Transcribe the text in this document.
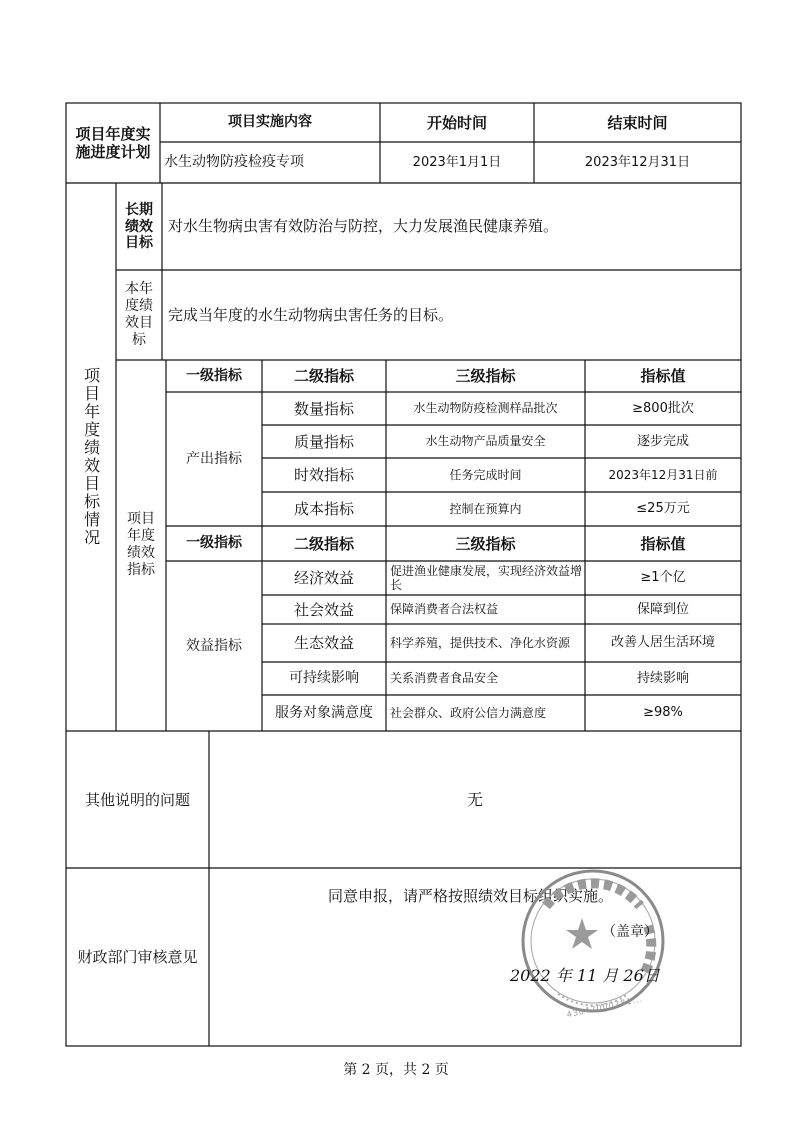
项目年度实施进度计划
项目实施内容	开始时间	结束时间
水生动物防疫检疫专项	2023年1月1日	2023年12月31日
项目年度绩效目标情况
长期绩效目标
对水生物病虫害有效防治与防控，大力发展渔民健康养殖。
本年度绩效目标
完成当年度的水生动物病虫害任务的目标。
项目年度绩效指标
一级指标	二级指标	三级指标	指标值
产出指标
数量指标	水生动物防疫检测样品批次	≥800批次
质量指标	水生动物产品质量安全	逐步完成
时效指标	任务完成时间	2023年12月31日前
成本指标	控制在预算内	≤25万元
一级指标	二级指标	三级指标	指标值
效益指标
经济效益	促进渔业健康发展，实现经济效益增长	≥1个亿
社会效益	保障消费者合法权益	保障到位
生态效益	科学养殖，提供技术、净化水资源	改善人居生活环境
可持续影响	关系消费者食品安全	持续影响
服务对象满意度	社会群众、政府公信力满意度	≥98%
其他说明的问题	无
财政部门审核意见
同意申报，请严格按照绩效目标组织实施。
43042000281...
（盖章）
2022 年 11 月 26日
第 2 页，共 2 页
